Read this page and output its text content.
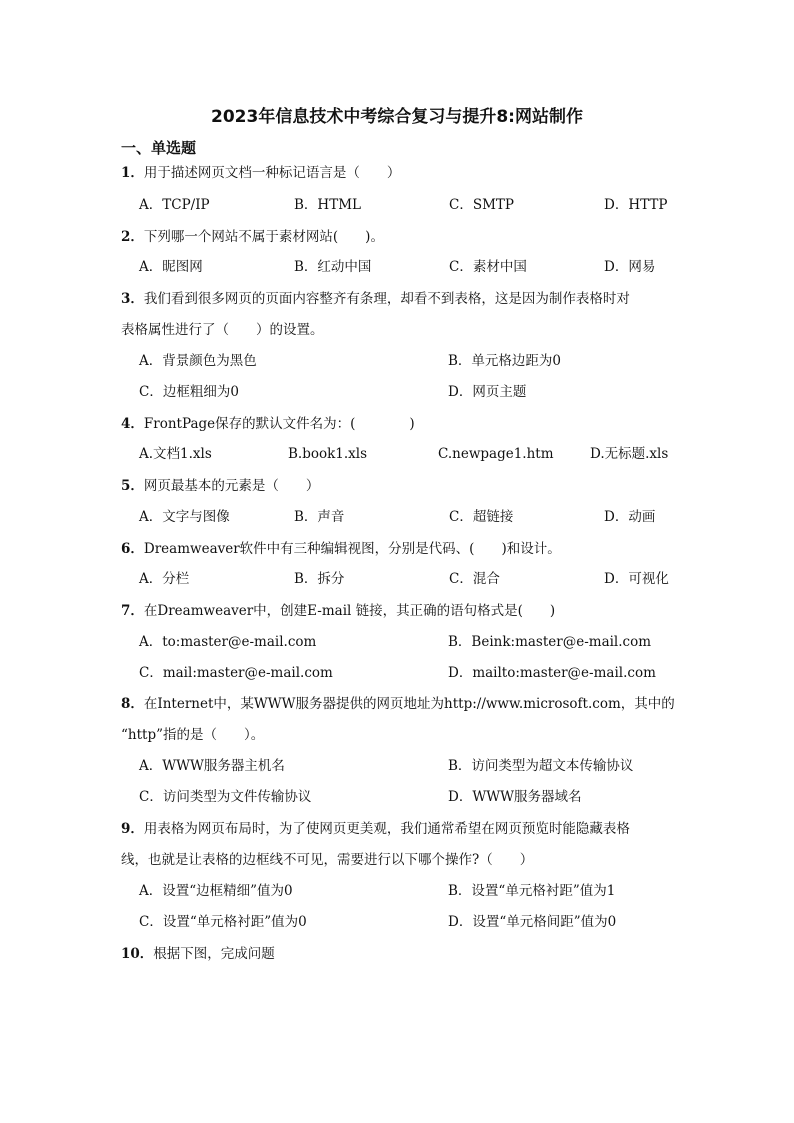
2023年信息技术中考综合复习与提升8:网站制作
一、单选题
1．用于描述网页文档一种标记语言是（　　）
A．TCP/IP	B．HTML	C．SMTP	D．HTTP
2．下列哪一个网站不属于素材网站(　　)。
A．昵图网	B．红动中国	C．素材中国	D．网易
3．我们看到很多网页的页面内容整齐有条理，却看不到表格，这是因为制作表格时对
表格属性进行了（　　）的设置。
A．背景颜色为黑色	B．单元格边距为0
C．边框粗细为0	D．网页主题
4．FrontPage保存的默认文件名为：(　　　　)
A.文档1.xls	B.book1.xls	C.newpage1.htm	D.无标题.xls
5．网页最基本的元素是（　　）
A．文字与图像	B．声音	C．超链接	D．动画
6．Dreamweaver软件中有三种编辑视图，分别是代码、(　　)和设计。
A．分栏	B．拆分	C．混合	D．可视化
7．在Dreamweaver中，创建E-mail 链接，其正确的语句格式是(　　)
A．to:master@e-mail.com	B．Beink:master@e-mail.com
C．mail:master@e-mail.com	D．mailto:master@e-mail.com
8．在Internet中，某WWW服务器提供的网页地址为http://www.microsoft.com，其中的
“http”指的是（　　）。
A．WWW服务器主机名	B．访问类型为超文本传输协议
C．访问类型为文件传输协议	D．WWW服务器域名
9．用表格为网页布局时，为了使网页更美观，我们通常希望在网页预览时能隐藏表格
线，也就是让表格的边框线不可见，需要进行以下哪个操作?（　　）
A．设置“边框精细”值为0	B．设置“单元格衬距”值为1
C．设置“单元格衬距”值为0	D．设置“单元格间距”值为0
10．根据下图，完成问题
